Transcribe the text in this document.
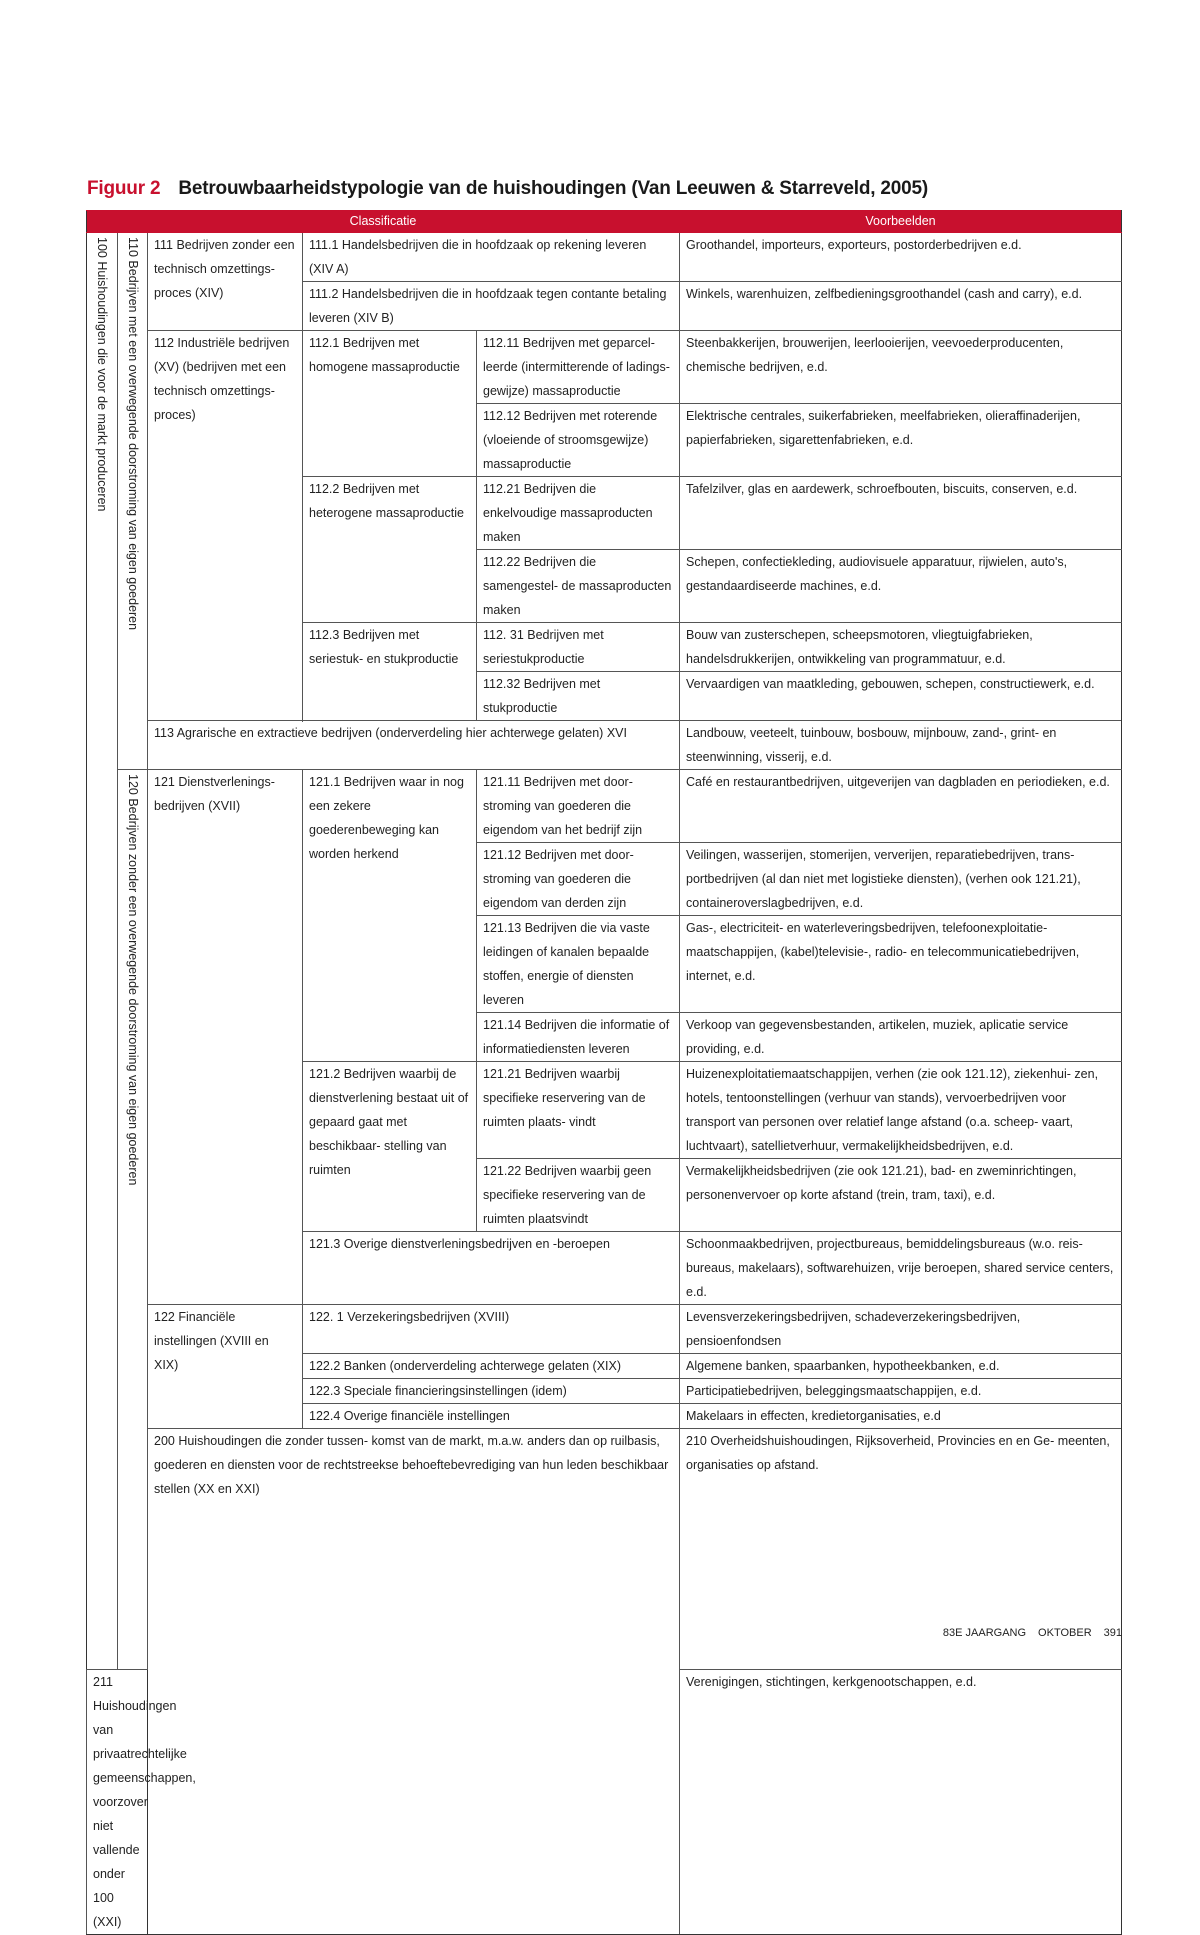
Figuur 2 Betrouwbaarheidstypologie van de huishoudingen (Van Leeuwen & Starreveld, 2005)
Classificatie					Voorbeelden	
100 Huishoudingen die voor de markt produceren	110 Bedrijven met een overwegende doorstroming van eigen goederen	111 Bedrijven zonder een technisch omzettings- proces (XIV)	111.1 Handelsbedrijven die in hoofdzaak op rekening leveren (XIV A)		Groothandel, importeurs, exporteurs, postorderbedrijven e.d.	
			111.2 Handelsbedrijven die in hoofdzaak tegen contante betaling leveren (XIV B)		Winkels, warenhuizen, zelfbedieningsgroothandel (cash and carry), e.d.	
		112 Industriële bedrijven (XV) (bedrijven met een technisch omzettings- proces)	112.1 Bedrijven met homogene massaproductie	112.11 Bedrijven met geparcel- leerde (intermitterende of ladings- gewijze) massaproductie	Steenbakkerijen, brouwerijen, leerlooierijen, veevoederproducenten, chemische bedrijven, e.d.	
				112.12 Bedrijven met roterende (vloeiende of stroomsgewijze) massaproductie	Elektrische centrales, suikerfabrieken, meelfabrieken, olieraffinaderijen, papierfabrieken, sigarettenfabrieken, e.d.	
			112.2 Bedrijven met heterogene massaproductie	112.21 Bedrijven die enkelvoudige massaproducten maken	Tafelzilver, glas en aardewerk, schroefbouten, biscuits, conserven, e.d.	
				112.22 Bedrijven die samengestel- de massaproducten maken	Schepen, confectiekleding, audiovisuele apparatuur, rijwielen, auto's, gestandaardiseerde machines, e.d.	
			112.3 Bedrijven met seriestuk- en stukproductie	112. 31 Bedrijven met seriestukproductie	Bouw van zusterschepen, scheepsmotoren, vliegtuigfabrieken, handelsdrukkerijen, ontwikkeling van programmatuur, e.d.	
				112.32 Bedrijven met stukproductie	Vervaardigen van maatkleding, gebouwen, schepen, constructiewerk, e.d.	

		113 Agrarische en extractieve bedrijven (onderverdeling hier achterwege gelaten) XVI			Landbouw, veeteelt, tuinbouw, bosbouw, mijnbouw, zand-, grint- en steenwinning, visserij, e.d.	
	120 Bedrijven zonder een overwegende doorstroming van eigen goederen	121 Dienstverlenings- bedrijven (XVII)	121.1 Bedrijven waar in nog een zekere goederenbeweging kan worden herkend	121.11 Bedrijven met door- stroming van goederen die eigendom van het bedrijf zijn	Café en restaurantbedrijven, uitgeverijen van dagbladen en periodieken, e.d.	
				121.12 Bedrijven met door- stroming van goederen die eigendom van derden zijn	Veilingen, wasserijen, stomerijen, ververijen, reparatiebedrijven, trans- portbedrijven (al dan niet met logistieke diensten), (verhen ook 121.21), containeroverslagbedrijven, e.d.	
				121.13 Bedrijven die via vaste leidingen of kanalen bepaalde stoffen, energie of diensten leveren	Gas-, electriciteit- en waterleveringsbedrijven, telefoonexploitatie- maatschappijen, (kabel)televisie-, radio- en telecommunicatiebedrijven, internet, e.d.	
				121.14 Bedrijven die informatie of informatiediensten leveren	Verkoop van gegevensbestanden, artikelen, muziek, aplicatie service providing, e.d.	
			121.2 Bedrijven waarbij de dienstverlening bestaat uit of gepaard gaat met beschikbaar- stelling van ruimten	121.21 Bedrijven waarbij specifieke reservering van de ruimten plaats- vindt	Huizenexploitatiemaatschappijen, verhen (zie ook 121.12), ziekenhui- zen, hotels, tentoonstellingen (verhuur van stands), vervoerbedrijven voor transport van personen over relatief lange afstand (o.a. scheep- vaart, luchtvaart), satellietverhuur, vermakelijkheidsbedrijven, e.d.	
				121.22 Bedrijven waarbij geen specifieke reservering van de ruimten plaatsvindt	Vermakelijkheidsbedrijven (zie ook 121.21), bad- en zweminrichtingen, personenvervoer op korte afstand (trein, tram, taxi), e.d.	
			121.3 Overige dienstverleningsbedrijven en -beroepen		Schoonmaakbedrijven, projectbureaus, bemiddelingsbureaus (w.o. reis- bureaus, makelaars), softwarehuizen, vrije beroepen, shared service centers, e.d.	
		122 Financiële instellingen (XVIII en XIX)	122. 1 Verzekeringsbedrijven (XVIII)		Levensverzekeringsbedrijven, schadeverzekeringsbedrijven, pensioenfondsen	
			122.2 Banken (onderverdeling achterwege gelaten (XIX)		Algemene banken, spaarbanken, hypotheekbanken, e.d.	
			122.3 Speciale financieringsinstellingen (idem)		Participatiebedrijven, beleggingsmaatschappijen, e.d.	
			122.4 Overige financiële instellingen		Makelaars in effecten, kredietorganisaties, e.d	
		200 Huishoudingen die zonder tussen- komst van de markt, m.a.w. anders dan op ruilbasis, goederen en diensten voor de rechtstreekse behoeftebevrediging van hun leden beschikbaar stellen (XX en XXI)			210 Overheidshuishoudingen, Rijksoverheid, Provincies en en Ge- meenten, organisaties op afstand.	
211 Huishoudingen van privaatrechtelijke gemeenschappen, voorzover niet vallende onder 100 (XXI)					Verenigingen, stichtingen, kerkgenootschappen, e.d.	
83E JAARGANG OKTOBER 391
